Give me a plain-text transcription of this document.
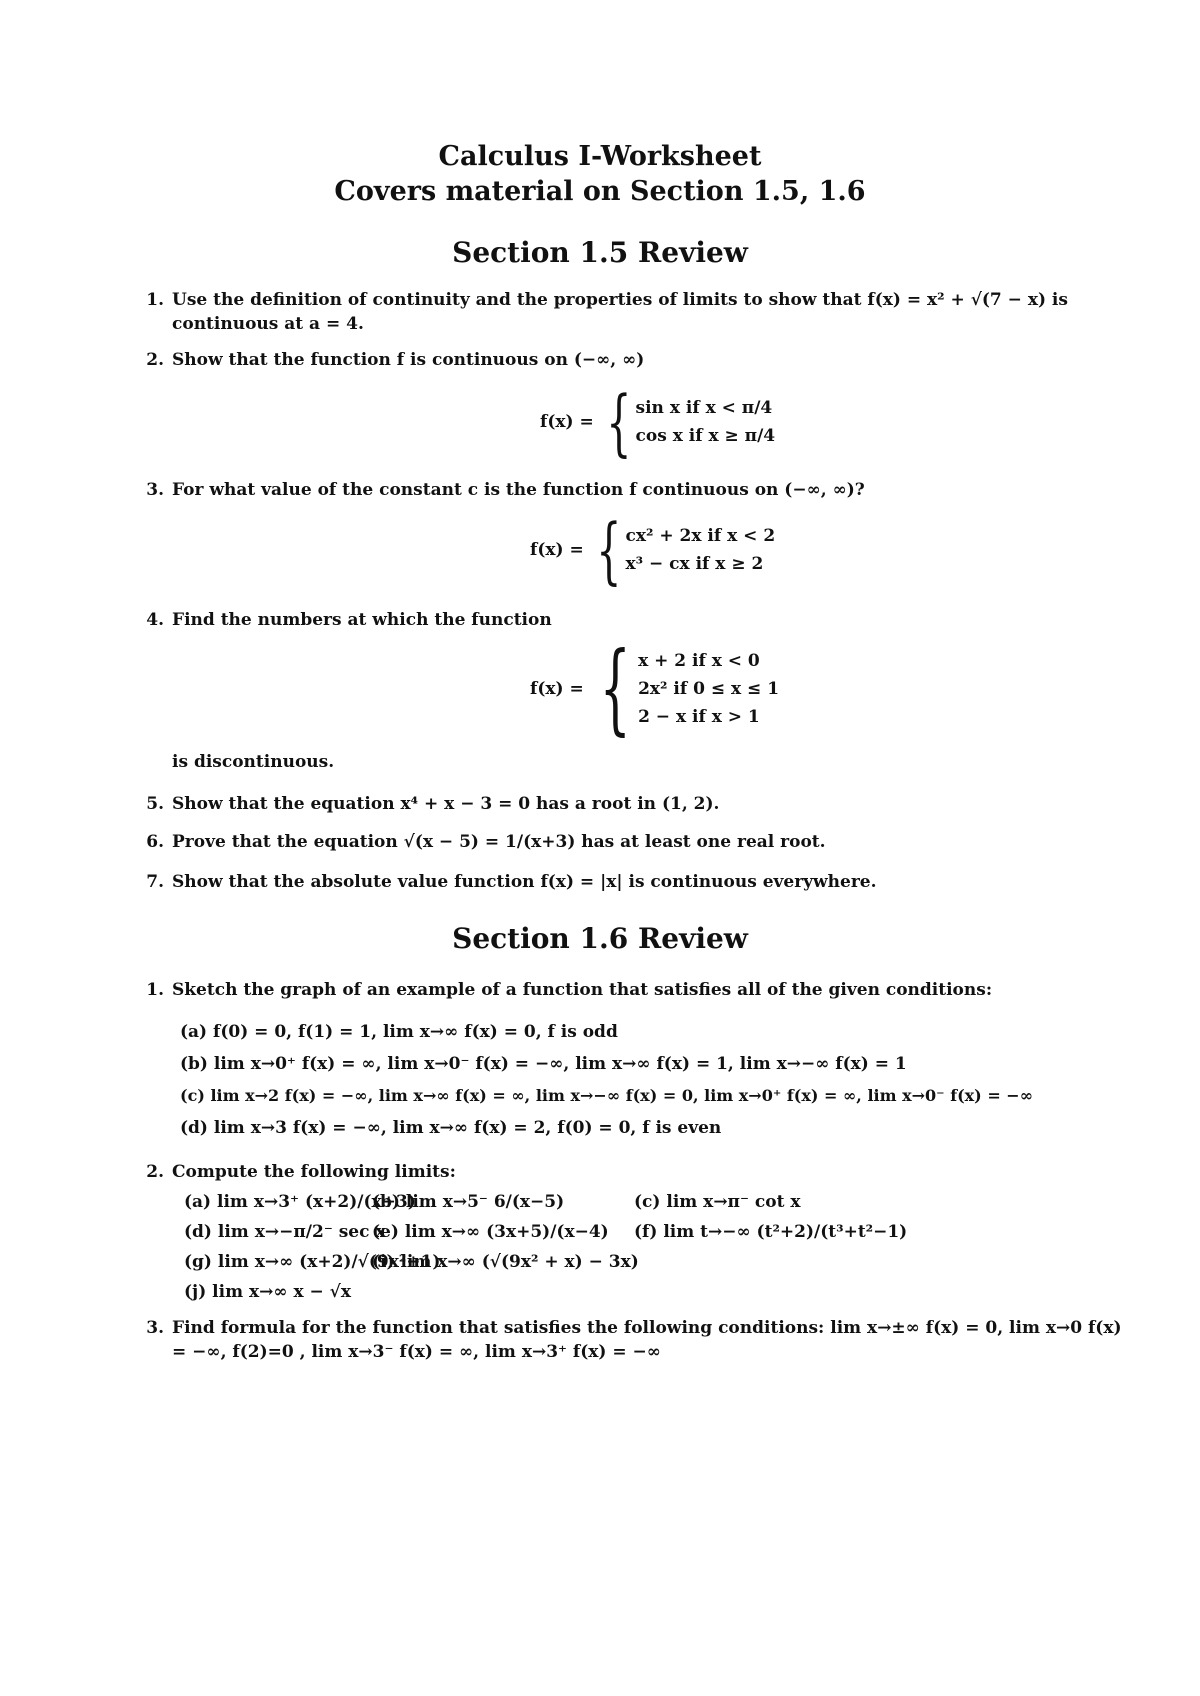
Calculus I-Worksheet
Covers material on Section 1.5, 1.6
Section 1.5 Review
1. Use the definition of continuity and the properties of limits to show that f(x) = x² + √(7 − x) is continuous at a = 4.
2. Show that the function f is continuous on (−∞, ∞)
f(x) = { sin x if x < π/4
cos x if x ≥ π/4
3. For what value of the constant c is the function f continuous on (−∞, ∞)?
f(x) = { cx² + 2x if x < 2
x³ − cx if x ≥ 2
4. Find the numbers at which the function
f(x) = { x + 2 if x < 0
2x² if 0 ≤ x ≤ 1
2 − x if x > 1
is discontinuous.
5. Show that the equation x⁴ + x − 3 = 0 has a root in (1, 2).
6. Prove that the equation √(x − 5) = 1/(x+3) has at least one real root.
7. Show that the absolute value function f(x) = |x| is continuous everywhere.
Section 1.6 Review
1. Sketch the graph of an example of a function that satisfies all of the given conditions:
(a) f(0) = 0, f(1) = 1, lim x→∞ f(x) = 0, f is odd
(b) lim x→0⁺ f(x) = ∞, lim x→0⁻ f(x) = −∞, lim x→∞ f(x) = 1, lim x→−∞ f(x) = 1
(c) lim x→2 f(x) = −∞, lim x→∞ f(x) = ∞, lim x→−∞ f(x) = 0, lim x→0⁺ f(x) = ∞, lim x→0⁻ f(x) = −∞
(d) lim x→3 f(x) = −∞, lim x→∞ f(x) = 2, f(0) = 0, f is even
2. Compute the following limits:
(a) lim x→3⁺ (x+2)/(x+3)
(b) lim x→5⁻ 6/(x−5)	(c) lim x→π⁻ cot x
(d) lim x→−π/2⁻ sec x
(e) lim x→∞ (3x+5)/(x−4) (f) lim t→−∞ (t²+2)/(t³+t²−1)
(g) lim x→∞ (x+2)/√(9x²+1)
(i) lim x→∞ (√(9x² + x) − 3x)
(j) lim x→∞ x − √x
3. Find formula for the function that satisfies the following conditions: lim x→±∞ f(x) = 0, lim x→0 f(x) = −∞, f(2)=0 , lim x→3⁻ f(x) = ∞, lim x→3⁺ f(x) = −∞
